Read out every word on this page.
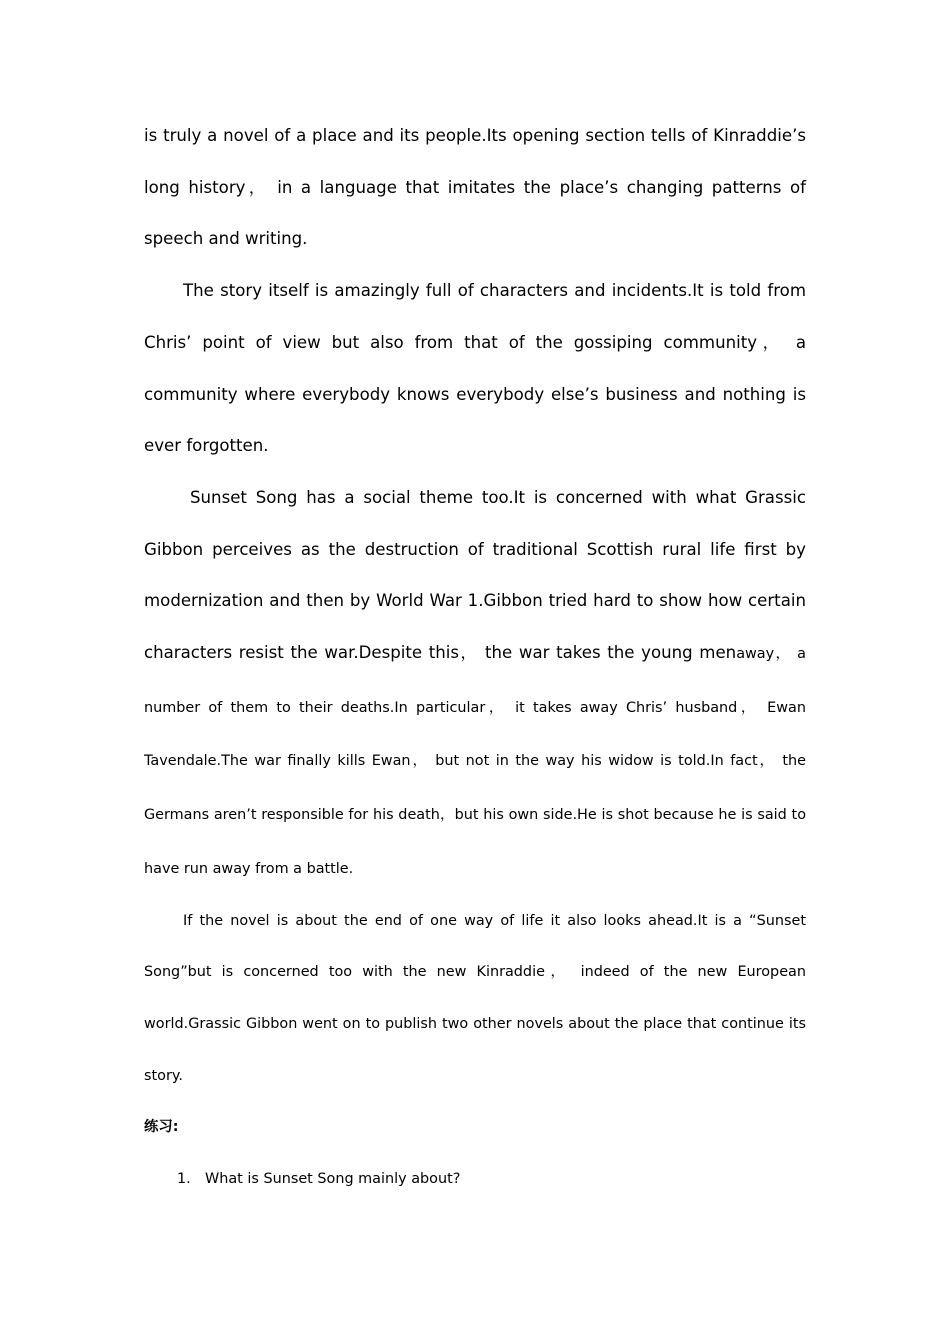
is truly a novel of a place and its people.Its opening section tells of Kinraddie’s long history， in a language that imitates the place’s changing patterns of speech and writing.

The story itself is amazingly full of characters and incidents.It is told from Chris’ point of view but also from that of the gossiping community， a community where everybody knows everybody else’s business and nothing is ever forgotten.

Sunset Song has a social theme too.It is concerned with what Grassic Gibbon perceives as the destruction of traditional Scottish rural life first by modernization and then by World War 1.Gibbon tried hard to show how certain characters resist the war.Despite this， the war takes the young menaway， a number of them to their deaths.In particular， it takes away Chris’ husband， Ewan Tavendale.The war finally kills Ewan， but not in the way his widow is told.In fact， the Germans aren’t responsible for his death，but his own side.He is shot because he is said to have run away from a battle.

If the novel is about the end of one way of life it also looks ahead.It is a “Sunset Song”but is concerned too with the new Kinraddie， indeed of the new European world.Grassic Gibbon went on to publish two other novels about the place that continue its story.

练习:

1. What is Sunset Song mainly about?
